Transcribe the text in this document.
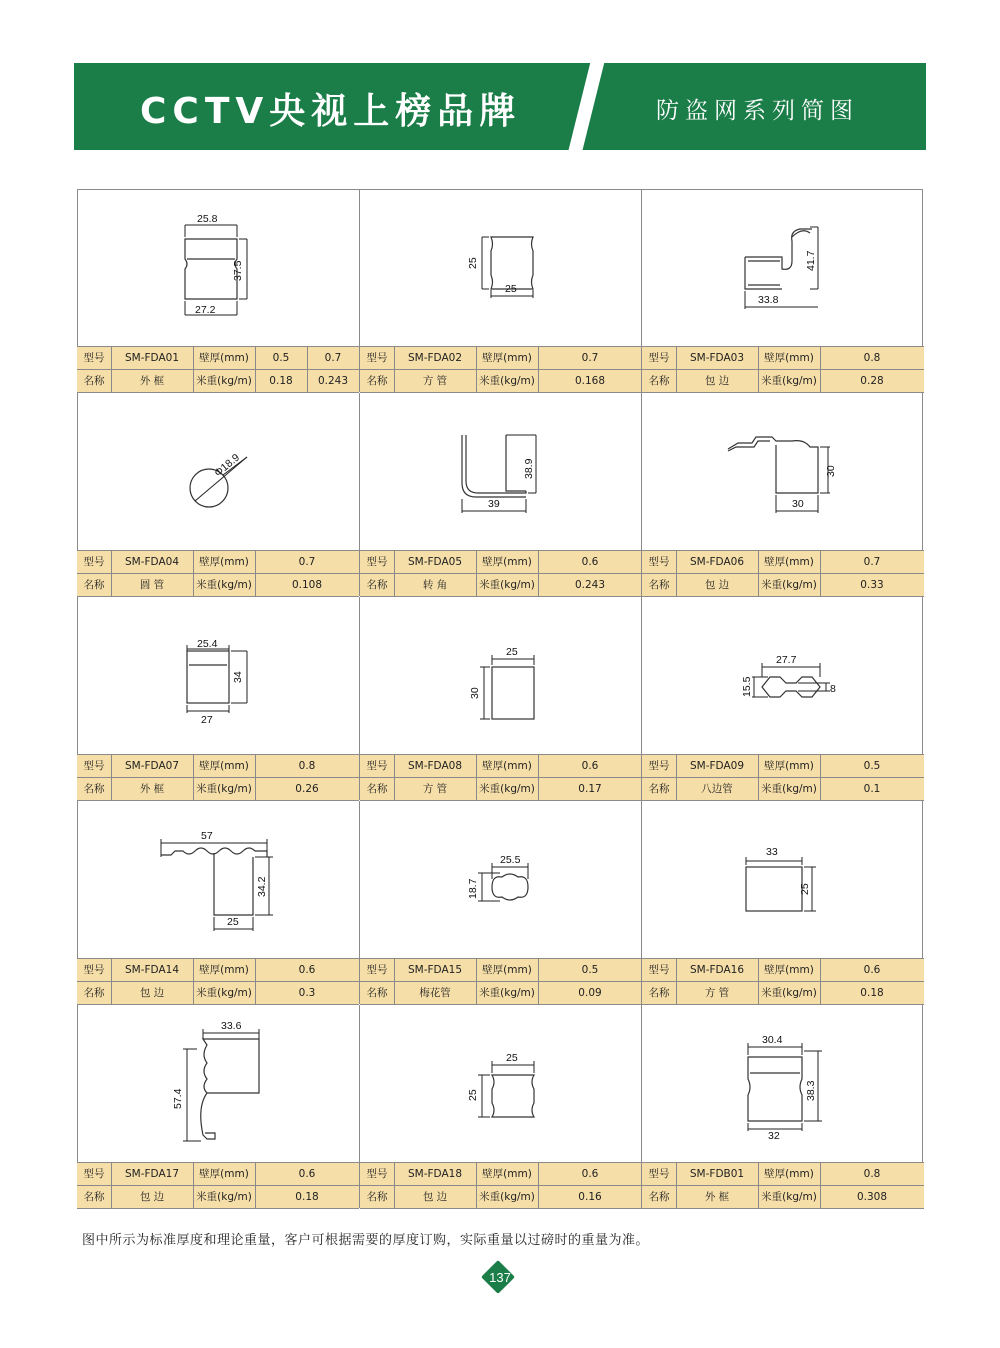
CCTV央视上榜品牌	防盗网系列简图
25.8
37.5
27.2
型号	SM-FDA01	壁厚(mm)	0.5	0.7
名称	外 框	米重(kg/m)	0.18	0.243
25
25
型号	SM-FDA02	壁厚(mm)	0.7
名称	方 管	米重(kg/m)	0.168
41.7
33.8
型号	SM-FDA03	壁厚(mm)	0.8
名称	包 边	米重(kg/m)	0.28
Φ18.9
型号	SM-FDA04	壁厚(mm)	0.7
名称	圆 管	米重(kg/m)	0.108
38.9
39
型号	SM-FDA05	壁厚(mm)	0.6
名称	转 角	米重(kg/m)	0.243
30
30
型号	SM-FDA06	壁厚(mm)	0.7
名称	包 边	米重(kg/m)	0.33
25.4
34
27
型号	SM-FDA07	壁厚(mm)	0.8
名称	外 框	米重(kg/m)	0.26
25
30
型号	SM-FDA08	壁厚(mm)	0.6
名称	方 管	米重(kg/m)	0.17
27.7
15.5	8
型号	SM-FDA09	壁厚(mm)	0.5
名称	八边管	米重(kg/m)	0.1
57
34.2
25
型号	SM-FDA14	壁厚(mm)	0.6
名称	包 边	米重(kg/m)	0.3
25.5
18.7
型号	SM-FDA15	壁厚(mm)	0.5
名称	梅花管	米重(kg/m)	0.09
33
25
型号	SM-FDA16	壁厚(mm)	0.6
名称	方 管	米重(kg/m)	0.18
33.6
57.4
型号	SM-FDA17	壁厚(mm)	0.6
名称	包 边	米重(kg/m)	0.18
25
25
型号	SM-FDA18	壁厚(mm)	0.6
名称	包 边	米重(kg/m)	0.16
30.4
38.3
32
型号	SM-FDB01	壁厚(mm)	0.8
名称	外 框	米重(kg/m)	0.308
图中所示为标准厚度和理论重量，客户可根据需要的厚度订购，实际重量以过磅时的重量为准。
137
